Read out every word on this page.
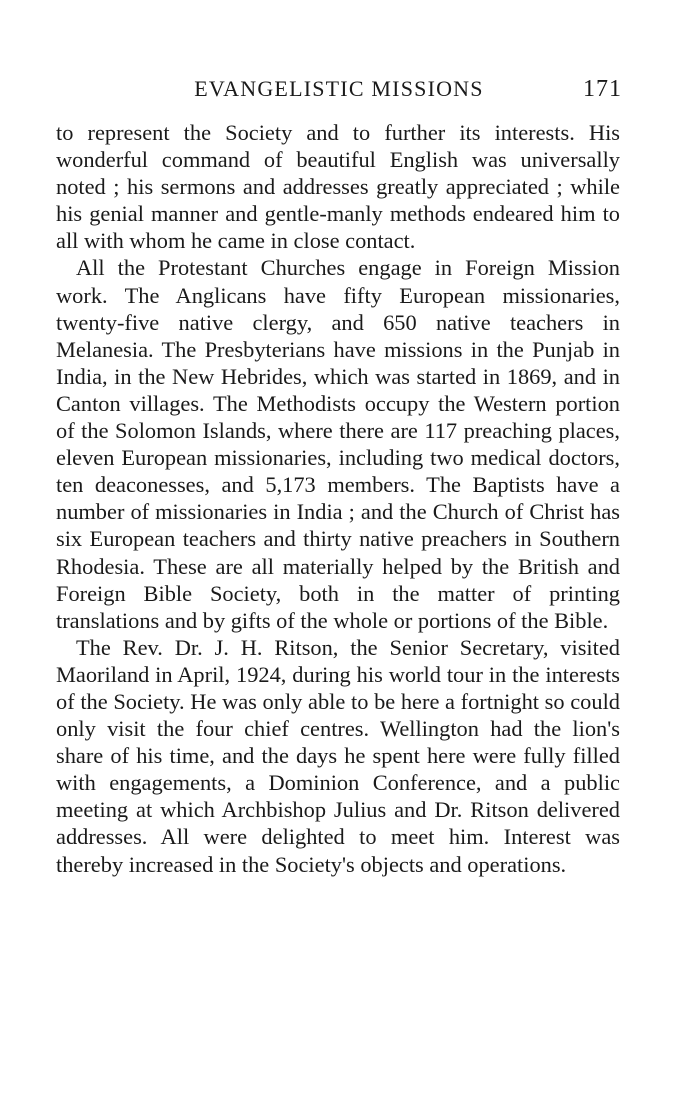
EVANGELISTIC MISSIONS	171

to represent the Society and to further its interests. His wonderful command of beautiful English was universally noted ; his sermons and addresses greatly appreciated ; while his genial manner and gentle-manly methods endeared him to all with whom he came in close contact.

All the Protestant Churches engage in Foreign Mission work. The Anglicans have fifty European missionaries, twenty-five native clergy, and 650 native teachers in Melanesia. The Presbyterians have missions in the Punjab in India, in the New Hebrides, which was started in 1869, and in Canton villages. The Methodists occupy the Western portion of the Solomon Islands, where there are 117 preaching places, eleven European missionaries, including two medical doctors, ten deaconesses, and 5,173 members. The Baptists have a number of missionaries in India ; and the Church of Christ has six European teachers and thirty native preachers in Southern Rhodesia. These are all materially helped by the British and Foreign Bible Society, both in the matter of printing translations and by gifts of the whole or portions of the Bible.

The Rev. Dr. J. H. Ritson, the Senior Secretary, visited Maoriland in April, 1924, during his world tour in the interests of the Society. He was only able to be here a fortnight so could only visit the four chief centres. Wellington had the lion's share of his time, and the days he spent here were fully filled with engagements, a Dominion Conference, and a public meeting at which Archbishop Julius and Dr. Ritson delivered addresses. All were delighted to meet him. Interest was thereby increased in the Society's objects and operations.
